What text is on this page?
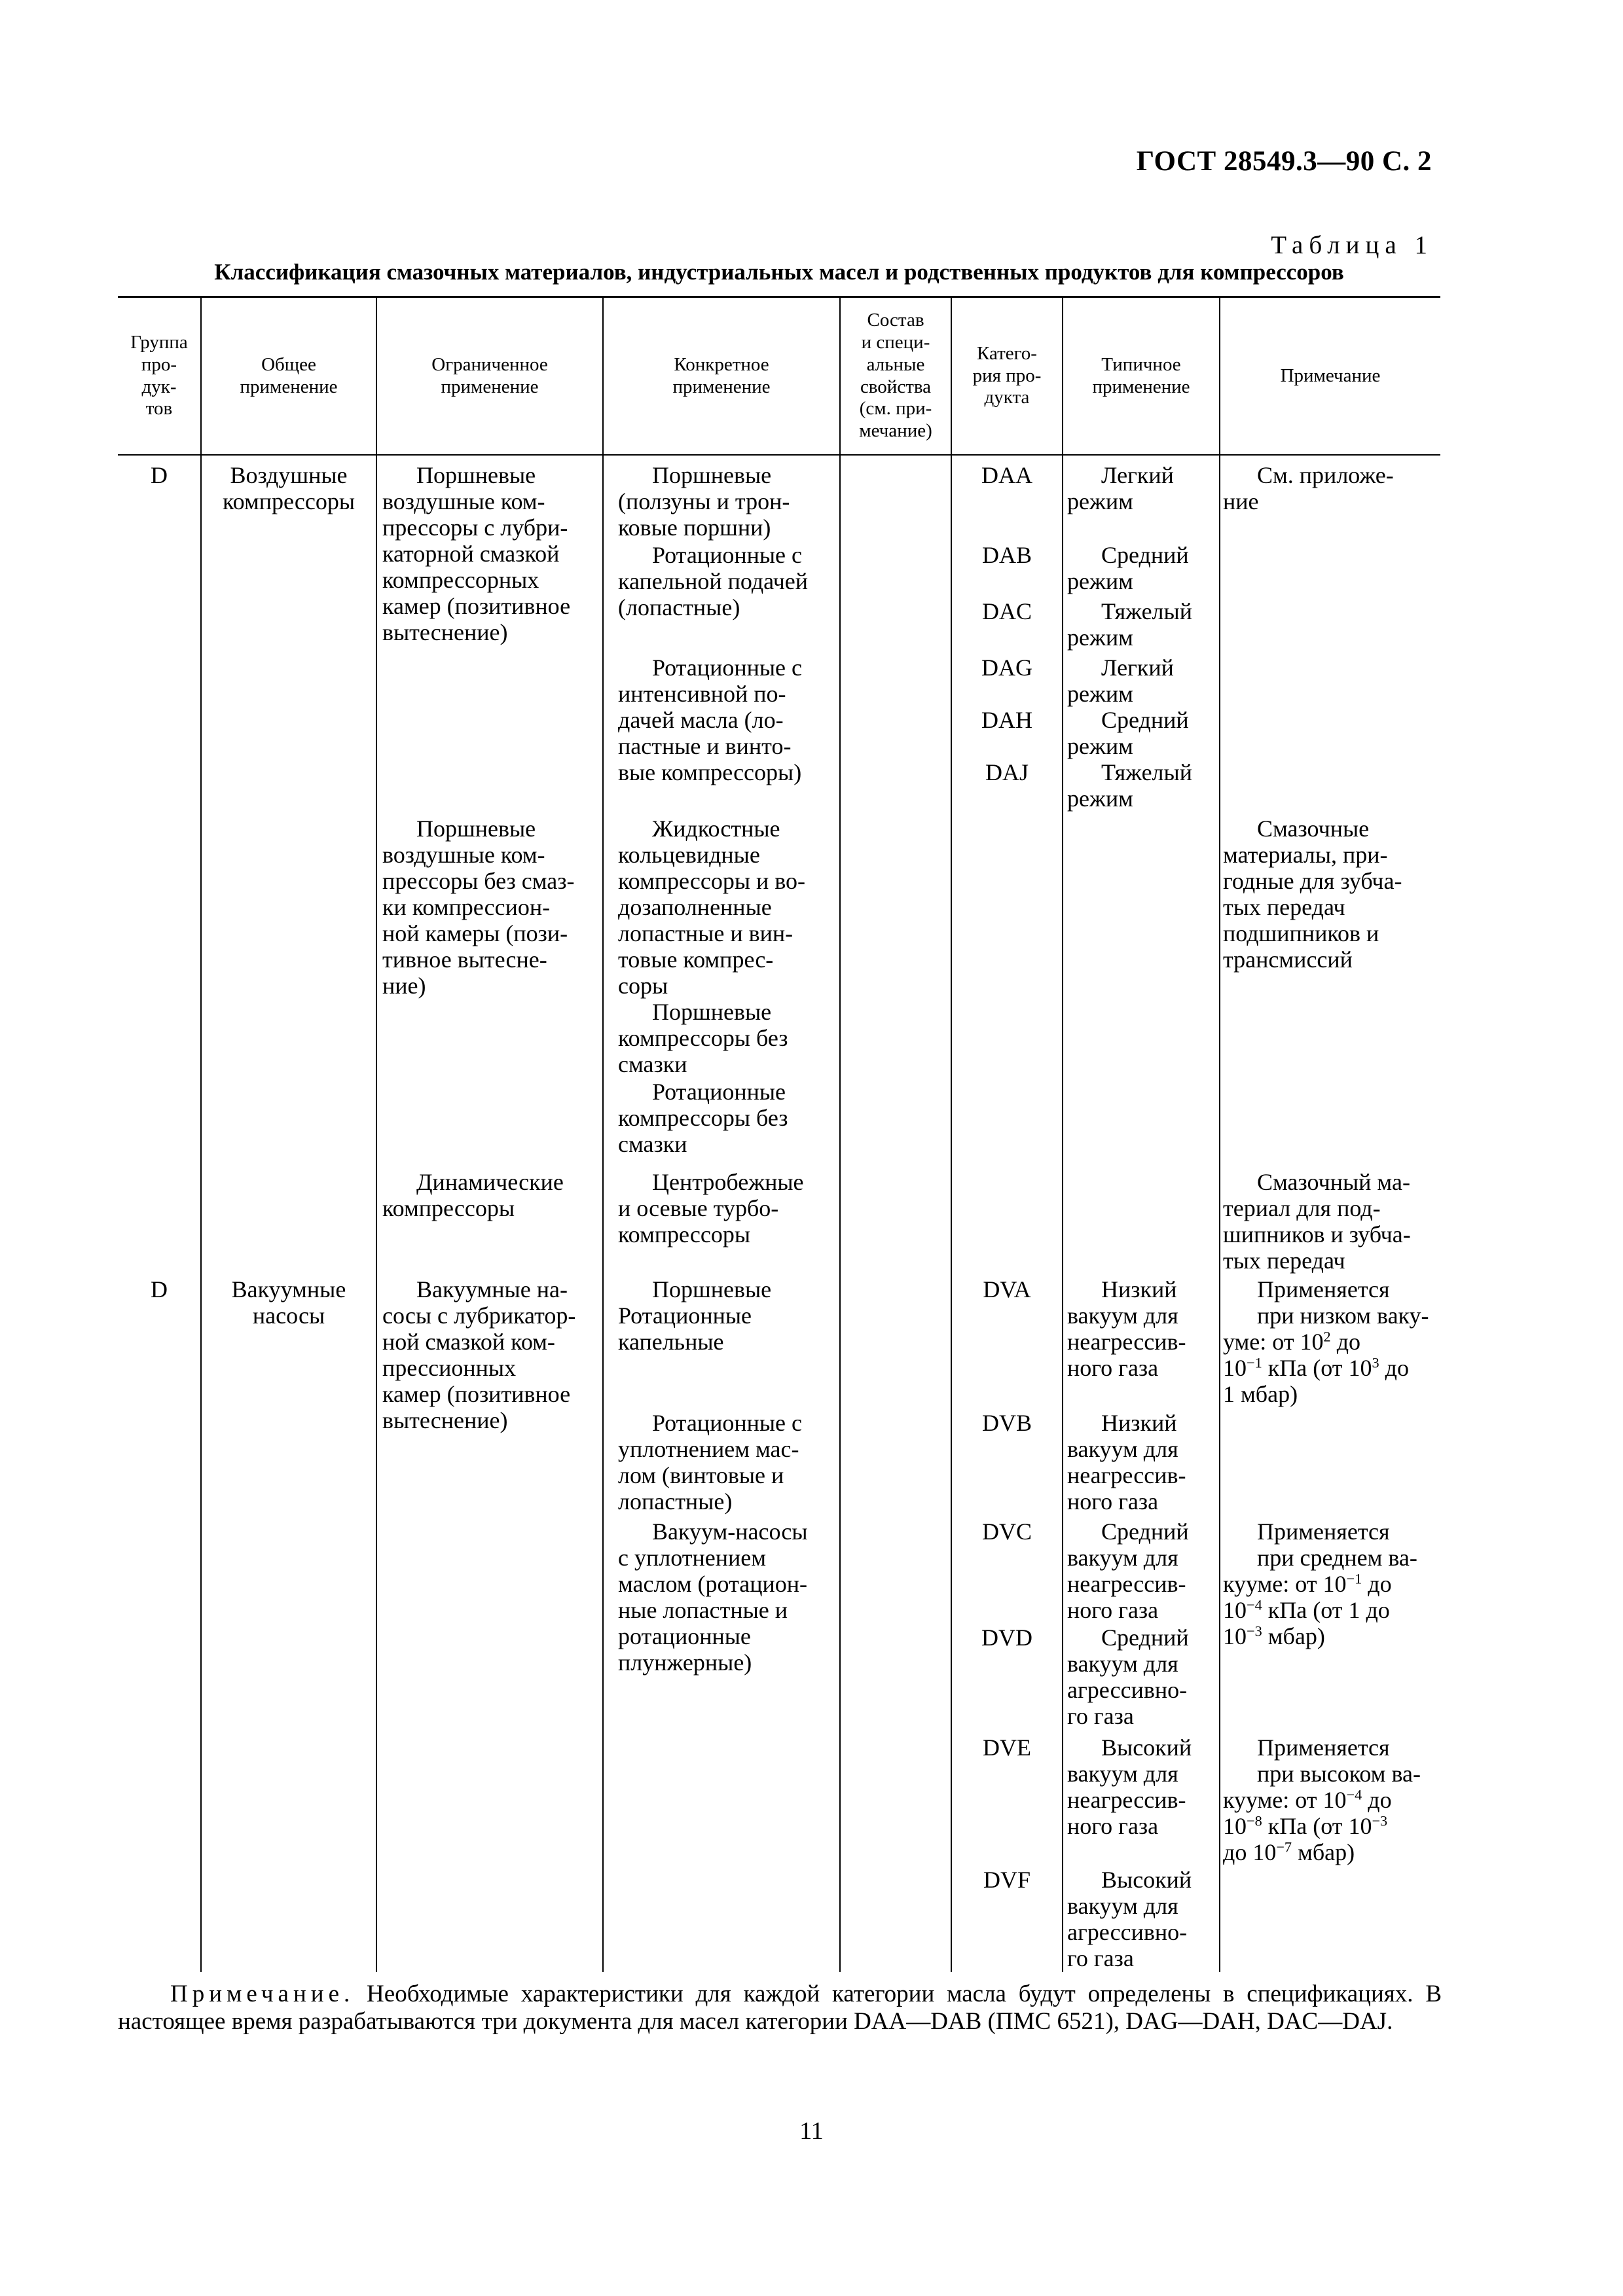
ГОСТ 28549.3—90 С. 2
Таблица 1
Классификация смазочных материалов, индустриальных масел и родственных продуктов для компрессоров
Группа
про-
дук-
тов
Общее
применение
Ограниченное
применение
Конкретное
применение
Состав
и специ-
альные
свойства
(см. при-
мечание)
Катего-
рия про-
дукта
Типичное
применение
Примечание
D
D
Воздушные
компрессоры
Вакуумные
насосы
Поршневые
воздушные ком-
прессоры с лубри-
каторной смазкой
компрессорных
камер (позитивное
вытеснение)
Поршневые
воздушные ком-
прессоры без смаз-
ки компрессион-
ной камеры (пози-
тивное вытесне-
ние)
Динамические
компрессоры
Вакуумные на-
сосы с лубрикатор-
ной смазкой ком-
прессионных
камер (позитивное
вытеснение)
Поршневые
(ползуны и трон-
ковые поршни)
Ротационные с
капельной подачей
(лопастные)
Ротационные с
интенсивной по-
дачей масла (ло-
пастные и винто-
вые компрессоры)
Жидкостные
кольцевидные
компрессоры и во-
дозаполненные
лопастные и вин-
товые компрес-
соры
Поршневые
компрессоры без
смазки
Ротационные
компрессоры без
смазки
Центробежные
и осевые турбо-
компрессоры
Поршневые
Ротационные
капельные
Ротационные с
уплотнением мас-
лом (винтовые и
лопастные)
Вакуум-насосы
с уплотнением
маслом (ротацион-
ные лопастные и
ротационные
плунжерные)
DAA
DAB
DAC
DAG
DAH
DAJ
DVA
DVB
DVC
DVD
DVE
DVF
Легкий
режим
Средний
режим
Тяжелый
режим
Легкий
режим
Средний
режим
Тяжелый
режим
Низкий
вакуум для
неагрессив-
ного газа
Низкий
вакуум для
неагрессив-
ного газа
Средний
вакуум для
неагрессив-
ного газа
Средний
вакуум для
агрессивно-
го газа
Высокий
вакуум для
неагрессив-
ного газа
Высокий
вакуум для
агрессивно-
го газа
См. приложе-
ние
Смазочные
материалы, при-
годные для зубча-
тых передач
подшипников и
трансмиссий
Смазочный ма-
териал для под-
шипников и зубча-
тых передач
Применяется
при низком ваку-
уме: от $10^2$ до
$10^{-1}$ кПа (от $10^3$ до
1 мбар)
Применяется
при среднем ва-
кууме: от $10^{-1}$ до
$10^{-4}$ кПа (от 1 до
$10^{-3}$ мбар)
Применяется
при высоком ва-
кууме: от $10^{-4}$ до
$10^{-8}$ кПа (от $10^{-3}$
до $10^{-7}$ мбар)
Примечание. Необходимые характеристики для каждой категории масла будут определены в спецификациях. В настоящее время разрабатываются три документа для масел категории DAA—DAB (ПМС 6521), DAG—DAH, DAC—DAJ.
11
